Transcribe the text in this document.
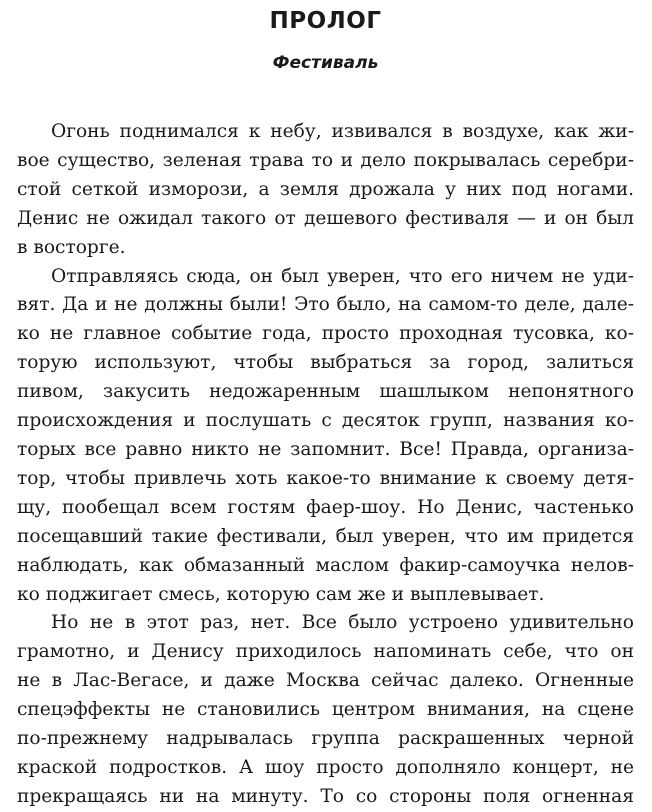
ПРОЛОГ
Фестиваль

Огонь поднимался к небу, извивался в воздухе, как жи-
вое существо, зеленая трава то и дело покрывалась серебри-
стой сеткой изморози, а земля дрожала у них под ногами.
Денис не ожидал такого от дешевого фестиваля — и он был
в восторге.

Отправляясь сюда, он был уверен, что его ничем не уди-
вят. Да и не должны были! Это было, на самом-то деле, дале-
ко не главное событие года, просто проходная тусовка, ко-
торую используют, чтобы выбраться за город, залиться
пивом, закусить недожаренным шашлыком непонятного
происхождения и послушать с десяток групп, названия ко-
торых все равно никто не запомнит. Все! Правда, организа-
тор, чтобы привлечь хоть какое-то внимание к своему детя-
щу, пообещал всем гостям фаер-шоу. Но Денис, частенько
посещавший такие фестивали, был уверен, что им придется
наблюдать, как обмазанный маслом факир-самоучка нелов-
ко поджигает смесь, которую сам же и выплевывает.

Но не в этот раз, нет. Все было устроено удивительно
грамотно, и Денису приходилось напоминать себе, что он
не в Лас-Вегасе, и даже Москва сейчас далеко. Огненные
спецэффекты не становились центром внимания, на сцене
по-прежнему надрывалась группа раскрашенных черной
краской подростков. А шоу просто дополняло концерт, не
прекращаясь ни на минуту. То со стороны поля огненная
